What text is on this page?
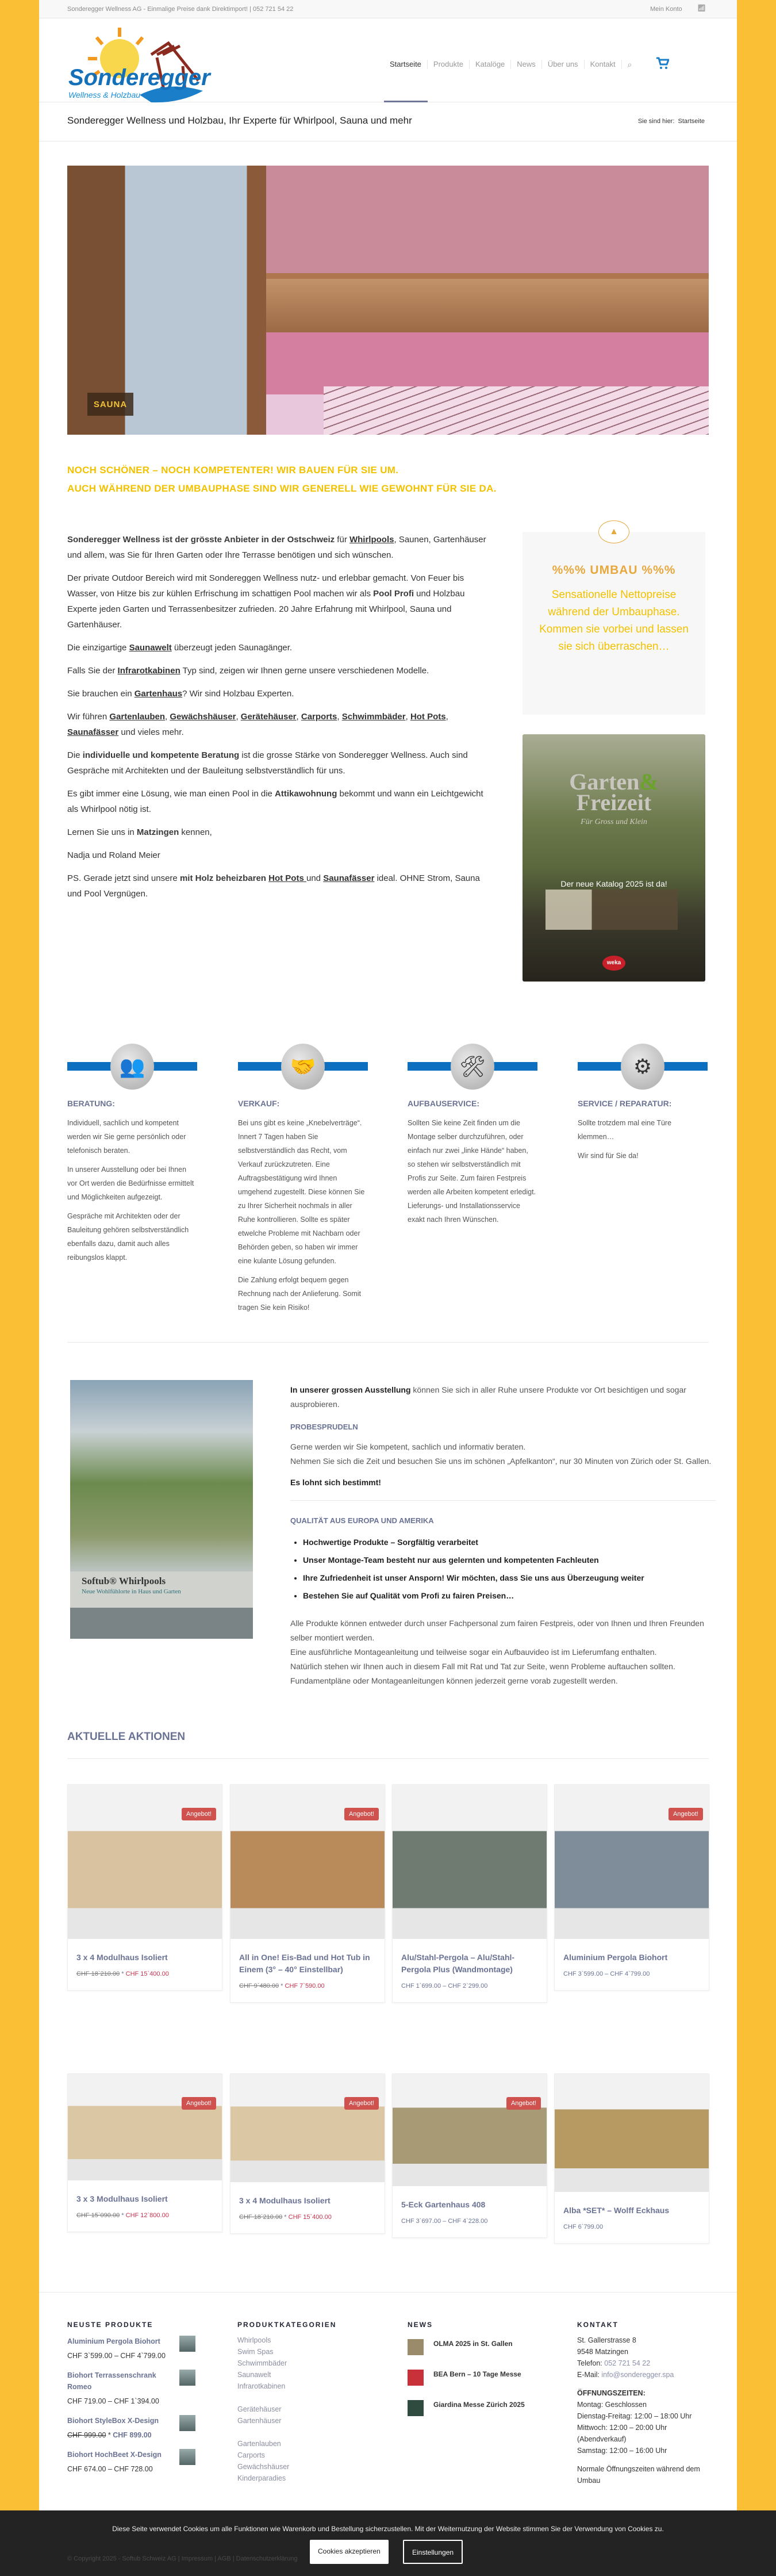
Sonderegger Wellness AG - Einmalige Preise dank Direktimport! | 052 721 54 22	Mein Konto 📶︎
Sonderegger
Wellness & Holzbau
Startseite	Produkte	Katalöge	News	Über uns	Kontakt	⌕
Sonderegger Wellness und Holzbau, Ihr Experte für Whirlpool, Sauna und mehr	Sie sind hier: Startseite
SAUNA
NOCH SCHÖNER – NOCH KOMPETENTER! WIR BAUEN FÜR SIE UM.
AUCH WÄHREND DER UMBAUPHASE SIND WIR GENERELL WIE GEWOHNT FÜR SIE DA.

Sonderegger Wellness ist der grösste Anbieter in der Ostschweiz für Whirlpools, Saunen, Gartenhäuser und allem, was Sie für Ihren Garten oder Ihre Terrasse benötigen und sich wünschen.

Der private Outdoor Bereich wird mit Sondereggen Wellness nutz- und erlebbar gemacht. Von Feuer bis Wasser, von Hitze bis zur kühlen Erfrischung im schattigen Pool machen wir als Pool Profi und Holzbau Experte jeden Garten und Terrassenbesitzer zufrieden. 20 Jahre Erfahrung mit Whirlpool, Sauna und Gartenhäuser.

Die einzigartige Saunawelt überzeugt jeden Saunagänger.

Falls Sie der Infrarotkabinen Typ sind, zeigen wir Ihnen gerne unsere verschiedenen Modelle.

Sie brauchen ein Gartenhaus? Wir sind Holzbau Experten.

Wir führen Gartenlauben, Gewächshäuser, Gerätehäuser, Carports, Schwimmbäder, Hot Pots, Saunafässer und vieles mehr.

Die individuelle und kompetente Beratung ist die grosse Stärke von Sonderegger Wellness. Auch sind Gespräche mit Architekten und der Bauleitung selbstverständlich für uns.

Es gibt immer eine Lösung, wie man einen Pool in die Attikawohnung bekommt und wann ein Leichtgewicht als Whirlpool nötig ist.

Lernen Sie uns in Matzingen kennen,

Nadja und Roland Meier

PS. Gerade jetzt sind unsere mit Holz beheizbaren Hot Pots und Saunafässer ideal. OHNE Strom, Sauna und Pool Vergnügen.

▲
%%% UMBAU %%%
Sensationelle Nettopreise während der Umbauphase. Kommen sie vorbei und lassen sie sich überraschen…
Garten&
Freizeit
Für Gross und Klein
Der neue Katalog 2025 ist da!
weka
👥
BERATUNG:

Individuell, sachlich und kompetent werden wir Sie gerne persönlich oder telefonisch beraten.

In unserer Ausstellung oder bei Ihnen vor Ort werden die Bedürfnisse ermittelt und Möglichkeiten aufgezeigt.

Gespräche mit Architekten oder der Bauleitung gehören selbstverständlich ebenfalls dazu, damit auch alles reibungslos klappt.

🤝
VERKAUF:

Bei uns gibt es keine „Knebelverträge“. Innert 7 Tagen haben Sie selbstverständlich das Recht, vom Verkauf zurückzutreten. Eine Auftragsbestätigung wird Ihnen umgehend zugestellt. Diese können Sie zu Ihrer Sicherheit nochmals in aller Ruhe kontrollieren. Sollte es später etwelche Probleme mit Nachbarn oder Behörden geben, so haben wir immer eine kulante Lösung gefunden.

Die Zahlung erfolgt bequem gegen Rechnung nach der Anlieferung. Somit tragen Sie kein Risiko!

🛠
AUFBAUSERVICE:

Sollten Sie keine Zeit finden um die Montage selber durchzuführen, oder einfach nur zwei „linke Hände“ haben, so stehen wir selbstverständlich mit Profis zur Seite. Zum fairen Festpreis werden alle Arbeiten kompetent erledigt. Lieferungs- und Installationsservice exakt nach Ihren Wünschen.

⚙
SERVICE / REPARATUR:

Sollte trotzdem mal eine Türe klemmen…

Wir sind für Sie da!

Softub® Whirlpools
Neue Wohlfühlorte in Haus und Garten

In unserer grossen Ausstellung können Sie sich in aller Ruhe unsere Produkte vor Ort besichtigen und sogar ausprobieren.

PROBESPRUDELN

Gerne werden wir Sie kompetent, sachlich und informativ beraten.

Nehmen Sie sich die Zeit und besuchen Sie uns im schönen „Apfelkanton“, nur 30 Minuten von Zürich oder St. Gallen.

Es lohnt sich bestimmt!

QUALITÄT AUS EUROPA UND AMERIKA
• Hochwertige Produkte – Sorgfältig verarbeitet
• Unser Montage-Team besteht nur aus gelernten und kompetenten Fachleuten
• Ihre Zufriedenheit ist unser Ansporn! Wir möchten, dass Sie uns aus Überzeugung weiter
• Bestehen Sie auf Qualität vom Profi zu fairen Preisen…

Alle Produkte können entweder durch unser Fachpersonal zum fairen Festpreis, oder von Ihnen und Ihren Freunden selber montiert werden.

Eine ausführliche Montageanleitung und teilweise sogar ein Aufbauvideo ist im Lieferumfang enthalten.

Natürlich stehen wir Ihnen auch in diesem Fall mit Rat und Tat zur Seite, wenn Probleme auftauchen sollten.

Fundamentpläne oder Montageanleitungen können jederzeit gerne vorab zugestellt werden.

AKTUELLE AKTIONEN
Angebot!
3 x 4 Modulhaus Isoliert
CHF 18`210.00 * CHF 15`400.00
Angebot!
All in One! Eis-Bad und Hot Tub in Einem (3° – 40° Einstellbar)
CHF 9`480.00 * CHF 7`590.00
Alu/Stahl-Pergola – Alu/Stahl-Pergola Plus (Wandmontage)
CHF 1`699.00 – CHF 2`299.00
Angebot!
Aluminium Pergola Biohort
CHF 3`599.00 – CHF 4`799.00
Angebot!
3 x 3 Modulhaus Isoliert
CHF 15`090.00 * CHF 12`800.00
Angebot!
3 x 4 Modulhaus Isoliert
CHF 18`210.00 * CHF 15`400.00
Angebot!
5-Eck Gartenhaus 408
CHF 3`697.00 – CHF 4`228.00
Alba *SET* – Wolff Eckhaus
CHF 6`799.00
NEUSTE PRODUKTE	PRODUKTKATEGORIEN	NEWS	KONTAKT
Aluminium Pergola Biohort
CHF 3`599.00 – CHF 4`799.00
Biohort Terrassenschrank Romeo
CHF 719.00 – CHF 1`394.00
Biohort StyleBox X-Design
CHF 999.00 * CHF 899.00
Biohort HochBeet X-Design
CHF 674.00 – CHF 728.00
Whirlpools
Swim Spas
Schwimmbäder
Saunawelt
Infrarotkabinen
Gerätehäuser
Gartenhäuser
Gartenlauben
Carports
Gewächshäuser
Kinderparadies
OLMA 2025 in St. Gallen
BEA Bern – 10 Tage Messe
Giardina Messe Zürich 2025
St. Gallerstrasse 8
9548 Matzingen
Telefon: 052 721 54 22
E-Mail: info@sonderegger.spa
ÖFFNUNGSZEITEN:
Montag: Geschlossen
Dienstag-Freitag: 12:00 – 18:00 Uhr
Mittwoch: 12:00 – 20:00 Uhr (Abendverkauf)
Samstag: 12:00 – 16:00 Uhr
Normale Öffnungszeiten während dem Umbau
© Copyright 2025 - Softub Schweiz AG | Impressum | AGB | Datenschutzerklärung
Diese Seite verwendet Cookies um alle Funktionen wie Warenkorb und Bestellung sicherzustellen. Mit der Weiternutzung der Website stimmen Sie der Verwendung von Cookies zu.
Cookies akzeptieren	Einstellungen
